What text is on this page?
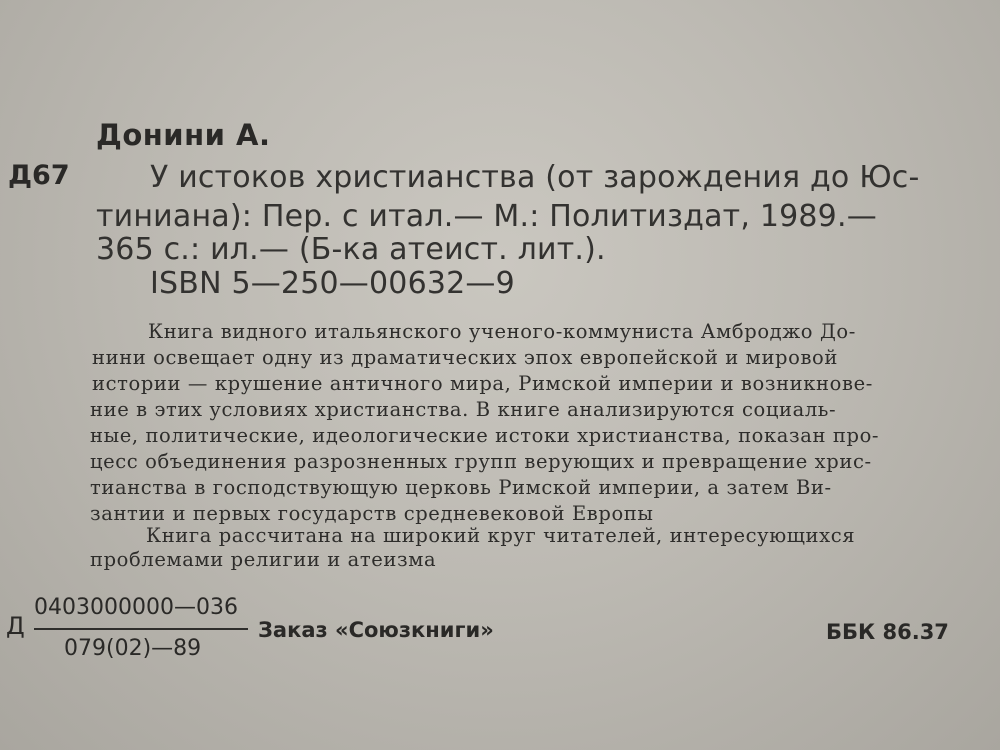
Донини А.
Д67	У истоков христианства (от зарождения до Юс-
тиниана): Пер. с итал.— М.: Политиздат, 1989.—
365 с.: ил.— (Б-ка атеист. лит.).
ISBN 5—250—00632—9
Книга видного итальянского ученого-коммуниста Амброджо До-
нини освещает одну из драматических эпох европейской и мировой
истории — крушение античного мира, Римской империи и возникнове-
ние в этих условиях христианства. В книге анализируются социаль-
ные, политические, идеологические истоки христианства, показан про-
цесс объединения разрозненных групп верующих и превращение хрис-
тианства в господствующую церковь Римской империи, а затем Ви-
зантии и первых государств средневековой Европы
Книга рассчитана на широкий круг читателей, интересующихся
проблемами религии и атеизма
Д
0403000000—036
079(02)—89
Заказ «Союзкниги»	ББК 86.37
